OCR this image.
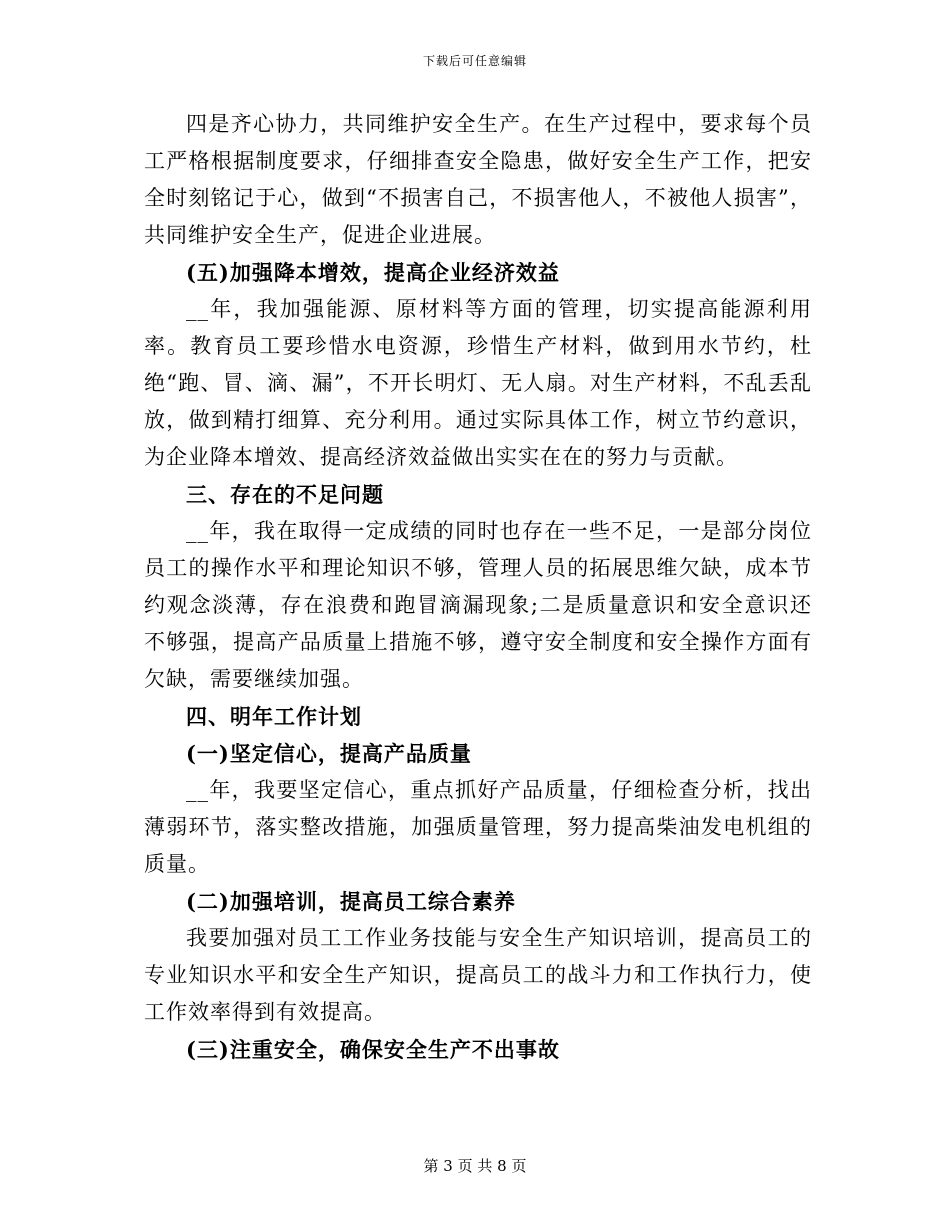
下载后可任意编辑

四是齐心协力，共同维护安全生产。在生产过程中，要求每个员工严格根据制度要求，仔细排查安全隐患，做好安全生产工作，把安全时刻铭记于心，做到“不损害自己，不损害他人，不被他人损害”，共同维护安全生产，促进企业进展。

(五)加强降本增效，提高企业经济效益

__年，我加强能源、原材料等方面的管理，切实提高能源利用率。教育员工要珍惜水电资源，珍惜生产材料，做到用水节约，杜绝“跑、冒、滴、漏”，不开长明灯、无人扇。对生产材料，不乱丢乱放，做到精打细算、充分利用。通过实际具体工作，树立节约意识，为企业降本增效、提高经济效益做出实实在在的努力与贡献。

三、存在的不足问题

__年，我在取得一定成绩的同时也存在一些不足，一是部分岗位员工的操作水平和理论知识不够，管理人员的拓展思维欠缺，成本节约观念淡薄，存在浪费和跑冒滴漏现象;二是质量意识和安全意识还不够强，提高产品质量上措施不够，遵守安全制度和安全操作方面有欠缺，需要继续加强。

四、明年工作计划

(一)坚定信心，提高产品质量

__年，我要坚定信心，重点抓好产品质量，仔细检查分析，找出薄弱环节，落实整改措施，加强质量管理，努力提高柴油发电机组的质量。

(二)加强培训，提高员工综合素养

我要加强对员工工作业务技能与安全生产知识培训，提高员工的专业知识水平和安全生产知识，提高员工的战斗力和工作执行力，使工作效率得到有效提高。

(三)注重安全，确保安全生产不出事故

第 3 页 共 8 页
